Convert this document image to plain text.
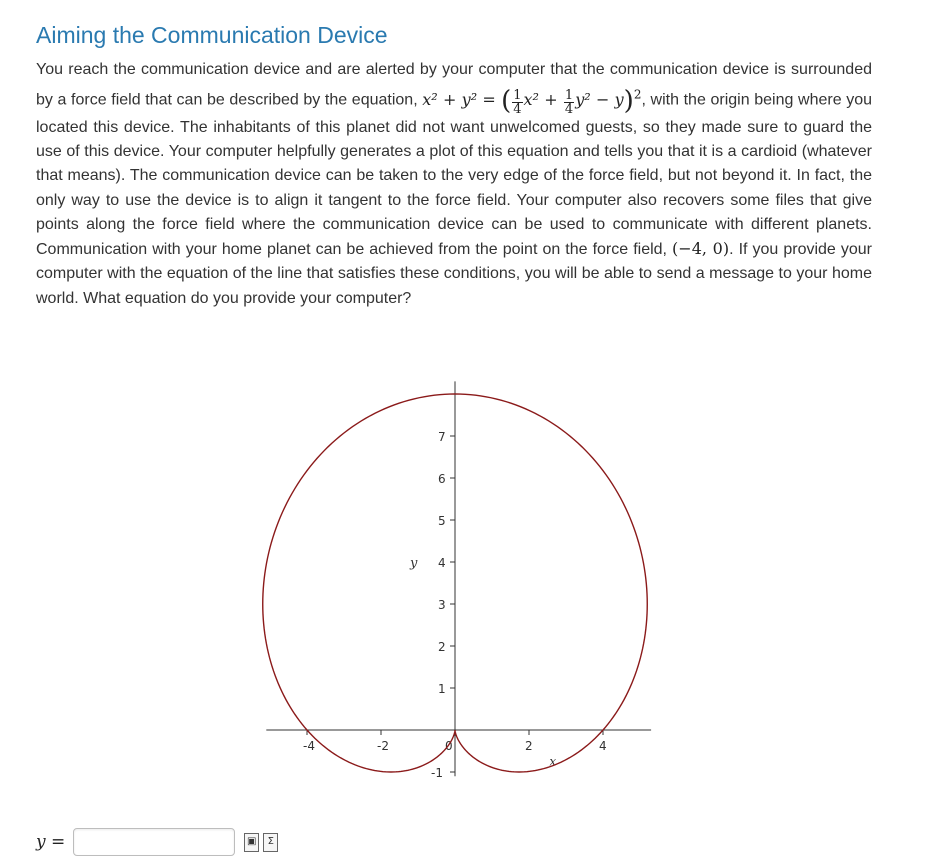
Aiming the Communication Device

You reach the communication device and are alerted by your computer that the communication device is surrounded by a force field that can be described by the equation, x² + y² = ( $\frac{1}{4} x^2 + \frac{1}{4} y^2 - y)^2$, with the origin being where you located this device. The inhabitants of this planet did not want unwelcomed guests, so they made sure to guard the use of this device. Your computer helpfully generates a plot of this equation and tells you that it is a cardioid (whatever that means). The communication device can be taken to the very edge of the force field, but not beyond it. In fact, the only way to use the device is to align it tangent to the force field. Your computer also recovers some files that give points along the force field where the communication device can be used to communicate with different planets. Communication with your home planet can be achieved from the point on the force field, (−4, 0). If you provide your computer with the equation of the line that satisfies these conditions, you will be able to send a message to your home world. What equation do you provide your computer?

-4	-2	0	2	4
-1
1
2
3
4
5
6
7
x
y
y =	▣	Σ
